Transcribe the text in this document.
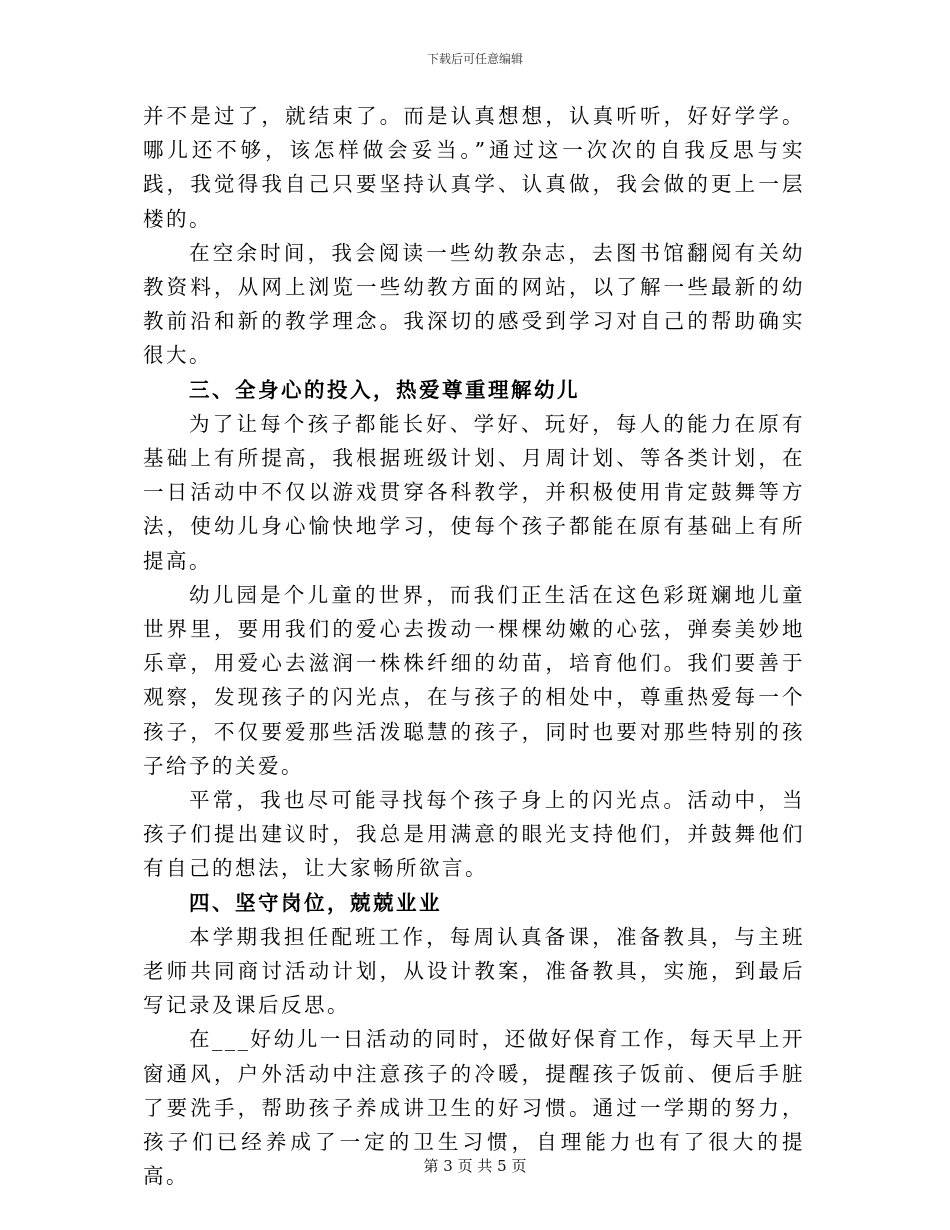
下载后可任意编辑

并不是过了，就结束了。而是认真想想，认真听听，好好学学。哪儿还不够，该怎样做会妥当。”通过这一次次的自我反思与实践，我觉得我自己只要坚持认真学、认真做，我会做的更上一层楼的。

在空余时间，我会阅读一些幼教杂志，去图书馆翻阅有关幼教资料，从网上浏览一些幼教方面的网站，以了解一些最新的幼教前沿和新的教学理念。我深切的感受到学习对自己的帮助确实很大。

三、全身心的投入，热爱尊重理解幼儿

为了让每个孩子都能长好、学好、玩好，每人的能力在原有基础上有所提高，我根据班级计划、月周计划、等各类计划，在一日活动中不仅以游戏贯穿各科教学，并积极使用肯定鼓舞等方法，使幼儿身心愉快地学习，使每个孩子都能在原有基础上有所提高。

幼儿园是个儿童的世界，而我们正生活在这色彩斑斓地儿童世界里，要用我们的爱心去拨动一棵棵幼嫩的心弦，弹奏美妙地乐章，用爱心去滋润一株株纤细的幼苗，培育他们。我们要善于观察，发现孩子的闪光点，在与孩子的相处中，尊重热爱每一个孩子，不仅要爱那些活泼聪慧的孩子，同时也要对那些特别的孩子给予的关爱。

平常，我也尽可能寻找每个孩子身上的闪光点。活动中，当孩子们提出建议时，我总是用满意的眼光支持他们，并鼓舞他们有自己的想法，让大家畅所欲言。

四、坚守岗位，兢兢业业

本学期我担任配班工作，每周认真备课，准备教具，与主班老师共同商讨活动计划，从设计教案，准备教具，实施，到最后写记录及课后反思。

在___好幼儿一日活动的同时，还做好保育工作，每天早上开窗通风，户外活动中注意孩子的冷暖，提醒孩子饭前、便后手脏了要洗手，帮助孩子养成讲卫生的好习惯。通过一学期的努力，孩子们已经养成了一定的卫生习惯，自理能力也有了很大的提高。	第 3 页 共 5 页
